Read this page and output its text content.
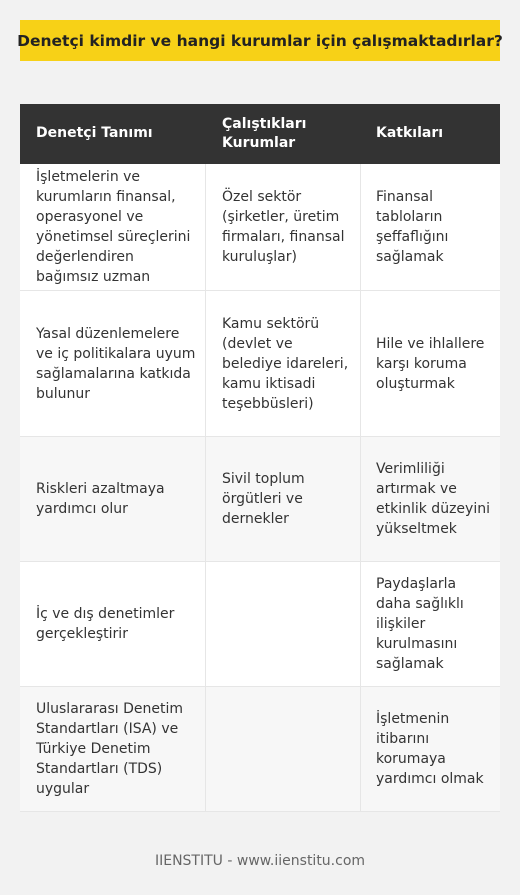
Denetçi kimdir ve hangi kurumlar için çalışmaktadırlar?
Denetçi Tanımı
Çalıştıkları Kurumlar
Katkıları
İşletmelerin ve kurumların finansal, operasyonel ve yönetimsel süreçlerini değerlendiren bağımsız uzman
Özel sektör (şirketler, üretim firmaları, finansal kuruluşlar)
Finansal tabloların şeffaflığını sağlamak
Yasal düzenlemelere ve iç politikalara uyum sağlamalarına katkıda bulunur
Kamu sektörü (devlet ve belediye idareleri, kamu iktisadi teşebbüsleri)
Hile ve ihlallere karşı koruma oluşturmak
Riskleri azaltmaya yardımcı olur
Sivil toplum örgütleri ve dernekler
Verimliliği artırmak ve etkinlik düzeyini yükseltmek
İç ve dış denetimler gerçekleştirir
Paydaşlarla daha sağlıklı ilişkiler kurulmasını sağlamak
Uluslararası Denetim Standartları (ISA) ve Türkiye Denetim Standartları (TDS) uygular
İşletmenin itibarını korumaya yardımcı olmak
IIENSTITU - www.iienstitu.com
